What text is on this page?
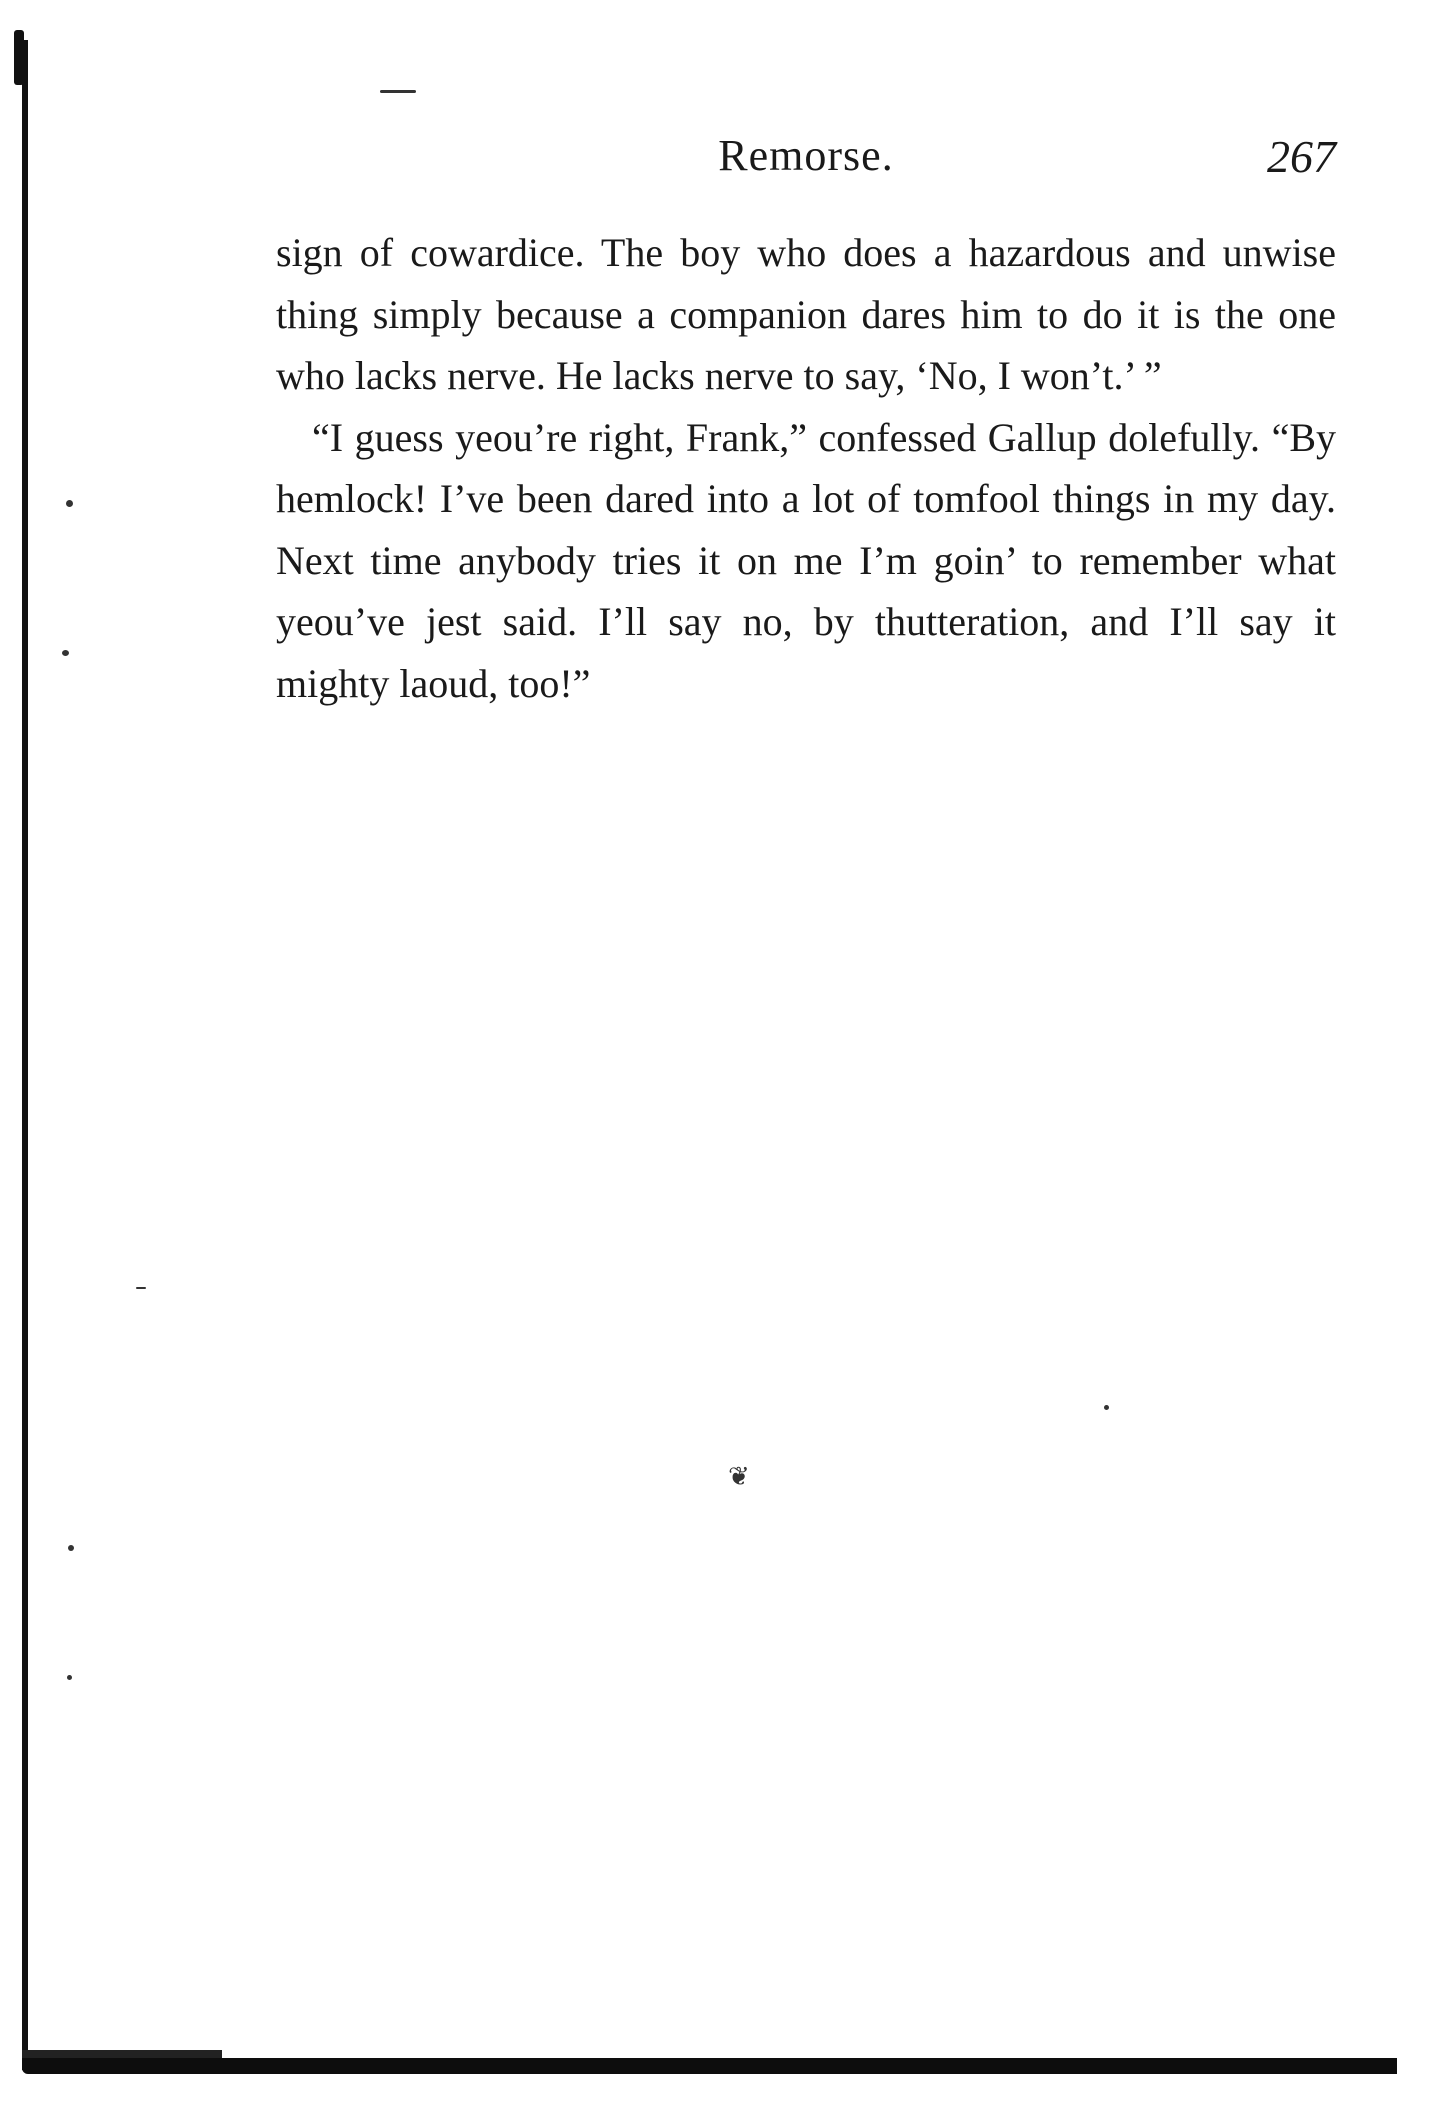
Remorse.	267

sign of cowardice. The boy who does a hazardous and unwise thing simply because a companion dares him to do it is the one who lacks nerve. He lacks nerve to say, ‘No, I won’t.’ ”

“I guess yeou’re right, Frank,” confessed Gallup dolefully. “By hemlock! I’ve been dared into a lot of tomfool things in my day. Next time anybody tries it on me I’m goin’ to remember what yeou’ve jest said. I’ll say no, by thutteration, and I’ll say it mighty laoud, too!”

❦
